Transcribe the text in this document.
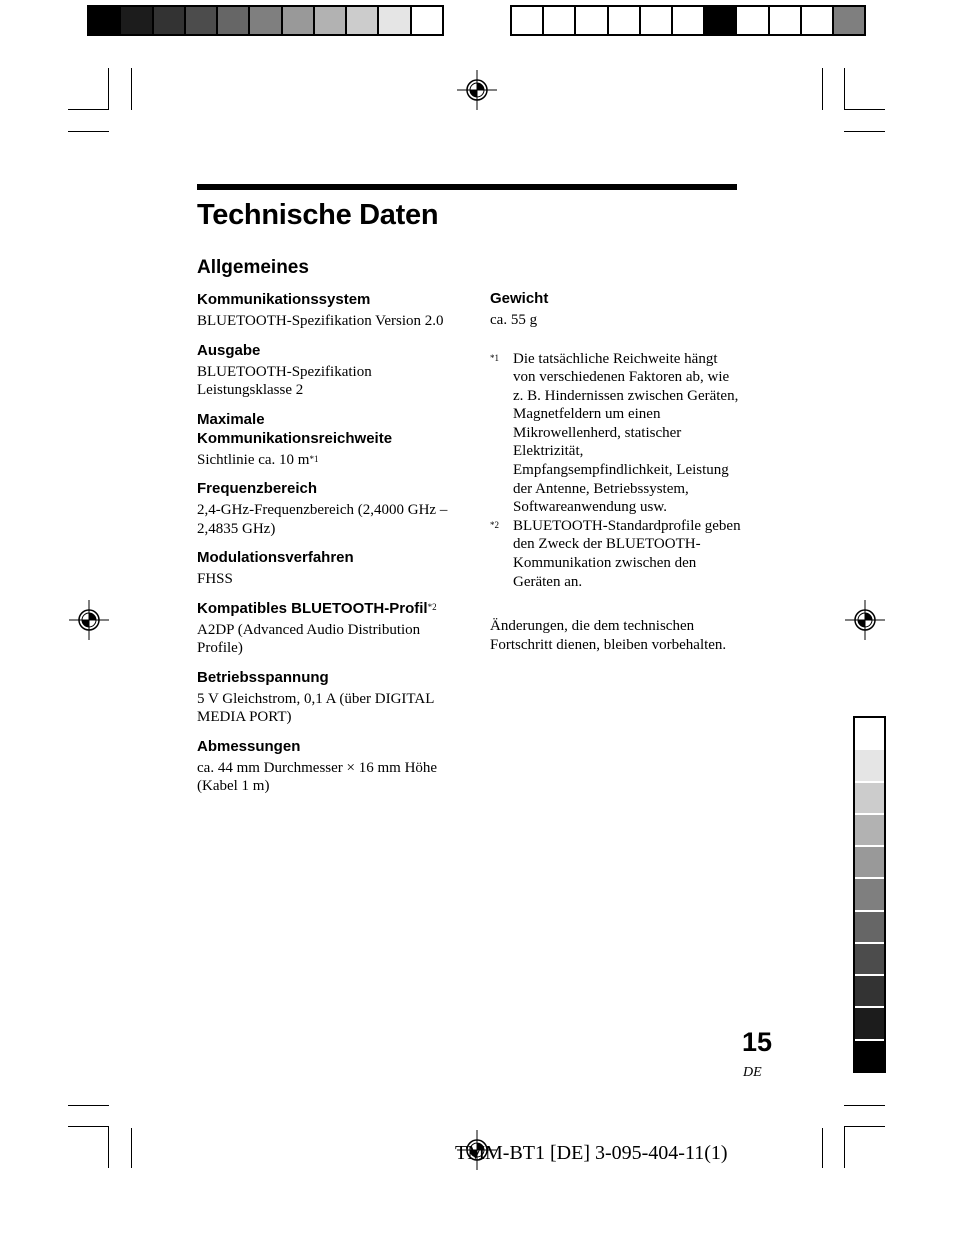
Technische Daten
Allgemeines
Kommunikationssystem
BLUETOOTH-Spezifikation Version 2.0
Ausgabe
BLUETOOTH-Spezifikation Leistungsklasse 2
Maximale Kommunikationsreichweite
Sichtlinie ca. 10 $m^{*1}$
Frequenzbereich
2,4-GHz-Frequenzbereich (2,4000 GHz – 2,4835 GHz)
Modulationsverfahren
FHSS
Kompatibles BLUETOOTH-Profil$^{*2}$
A2DP (Advanced Audio Distribution Profile)
Betriebsspannung
5 V Gleichstrom, 0,1 A (über DIGITAL MEDIA PORT)
Abmessungen
ca. 44 mm Durchmesser × 16 mm Höhe (Kabel 1 m)
Gewicht
ca. 55 g
$^{*1}$ Die tatsächliche Reichweite hängt von verschiedenen Faktoren ab, wie z. B. Hindernissen zwischen Geräten, Magnetfeldern um einen Mikrowellenherd, statischer Elektrizität, Empfangsempfindlichkeit, Leistung der Antenne, Betriebssystem, Softwareanwendung usw.
$^{*2}$ BLUETOOTH-Standardprofile geben den Zweck der BLUETOOTH-Kommunikation zwischen den Geräten an.
Änderungen, die dem technischen Fortschritt dienen, bleiben vorbehalten.
15
DE
TMM-BT1 [DE] 3-095-404-11(1)
